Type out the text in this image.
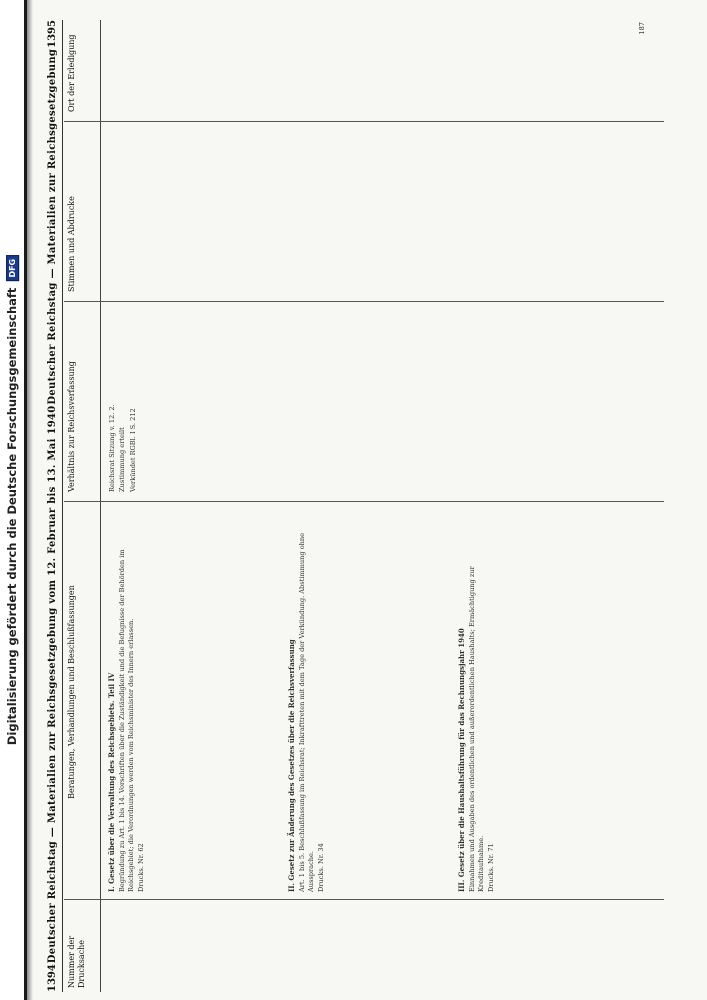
Digitalisierung gefördert durch die Deutsche Forschungsgemeinschaft
DFG
1394
Deutscher Reichstag — Materialien zur Reichsgesetzgebung vom 12. Februar bis 13. Mai 1940
Deutscher Reichstag — Materialien zur Reichsgesetzgebung
1395
Nummer der Drucksache
Beratungen, Verhandlungen und Beschlußfassungen
Verhältnis zur Reichsverfassung
Stimmen und Abdrucke
Ort der Erledigung

I. Gesetz über die Verwaltung des Reichsgebiets. Teil IV Begründung zu Art. 1 bis 14. Vorschriften über die Zuständigkeit und die Befugnisse der Behörden im Reichsgebiet; die Verordnungen werden vom Reichsminister des Innern erlassen. Drucks. Nr. 62	II. Gesetz zur Änderung des Gesetzes über die Reichsverfassung Art. 1 bis 5. Beschlußfassung im Reichsrat; Inkrafttreten mit dem Tage der Verkündung. Abstimmung ohne Aussprache. Drucks. Nr. 34	III. Gesetz über die Haushaltsführung für das Rechnungsjahr 1940 Einnahmen und Ausgaben des ordentlichen und außerordentlichen Haushalts; Ermächtigung zur Kreditaufnahme. Drucks. Nr. 71

Reichsrat Sitzung v. 12. 2. Zustimmung erteilt Verkündet RGBl. I S. 212

187
